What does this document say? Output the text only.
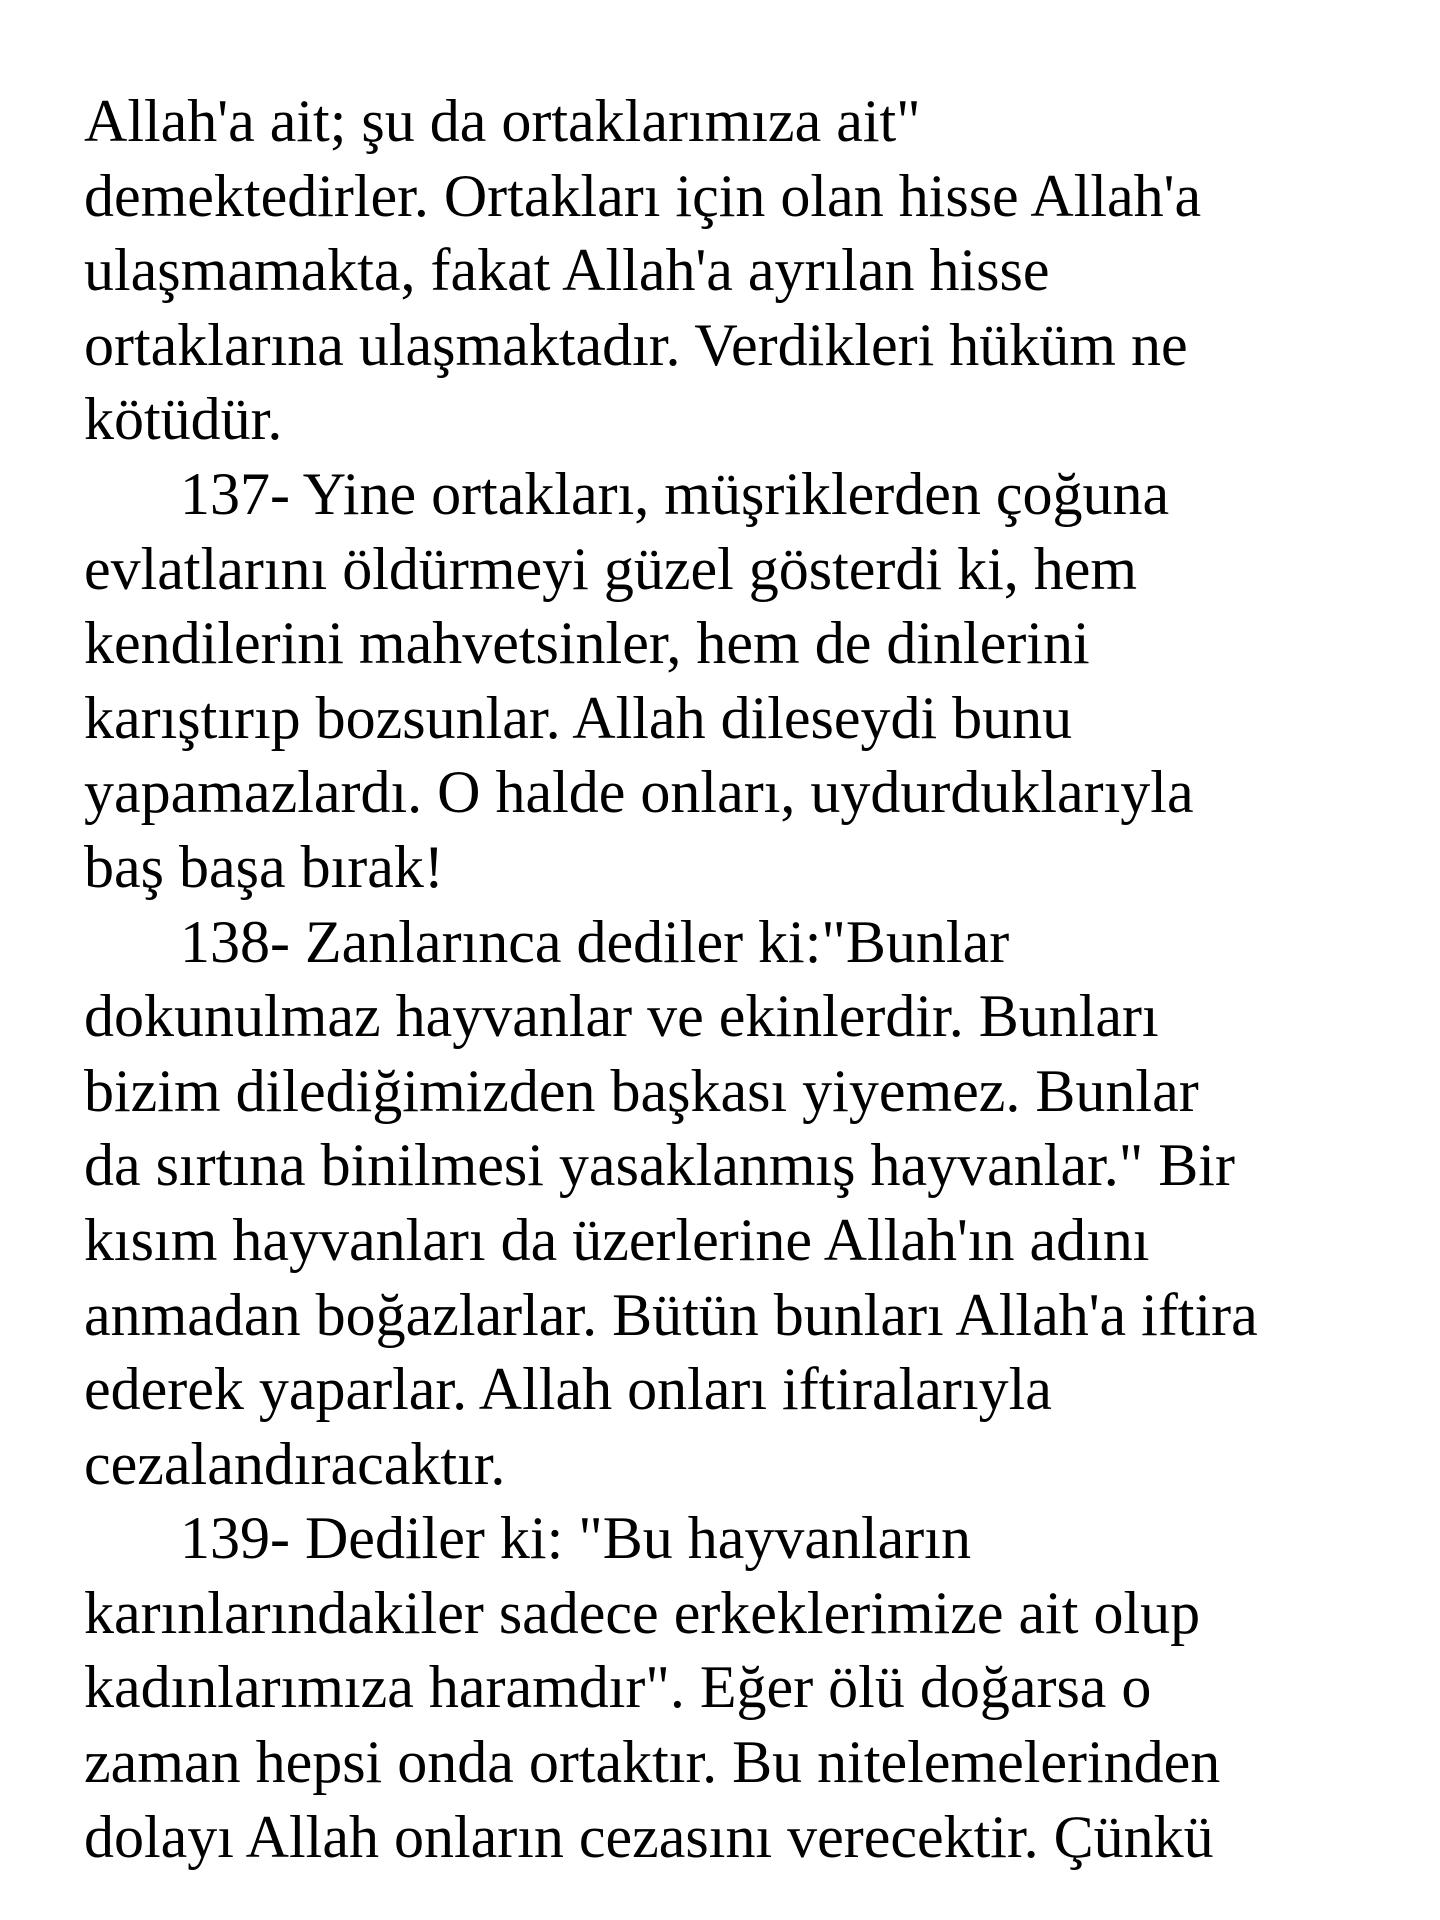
Allah'a ait; şu da ortaklarımıza ait"
demektedirler. Ortakları için olan hisse Allah'a
ulaşmamakta, fakat Allah'a ayrılan hisse
ortaklarına ulaşmaktadır. Verdikleri hüküm ne
kötüdür.
137- Yine ortakları, müşriklerden çoğuna
evlatlarını öldürmeyi güzel gösterdi ki, hem
kendilerini mahvetsinler, hem de dinlerini
karıştırıp bozsunlar. Allah dileseydi bunu
yapamazlardı. O halde onları, uydurduklarıyla
baş başa bırak!
138- Zanlarınca dediler ki:"Bunlar
dokunulmaz hayvanlar ve ekinlerdir. Bunları
bizim dilediğimizden başkası yiyemez. Bunlar
da sırtına binilmesi yasaklanmış hayvanlar." Bir
kısım hayvanları da üzerlerine Allah'ın adını
anmadan boğazlarlar. Bütün bunları Allah'a iftira
ederek yaparlar. Allah onları iftiralarıyla
cezalandıracaktır.
139- Dediler ki: "Bu hayvanların
karınlarındakiler sadece erkeklerimize ait olup
kadınlarımıza haramdır". Eğer ölü doğarsa o
zaman hepsi onda ortaktır. Bu nitelemelerinden
dolayı Allah onların cezasını verecektir. Çünkü
